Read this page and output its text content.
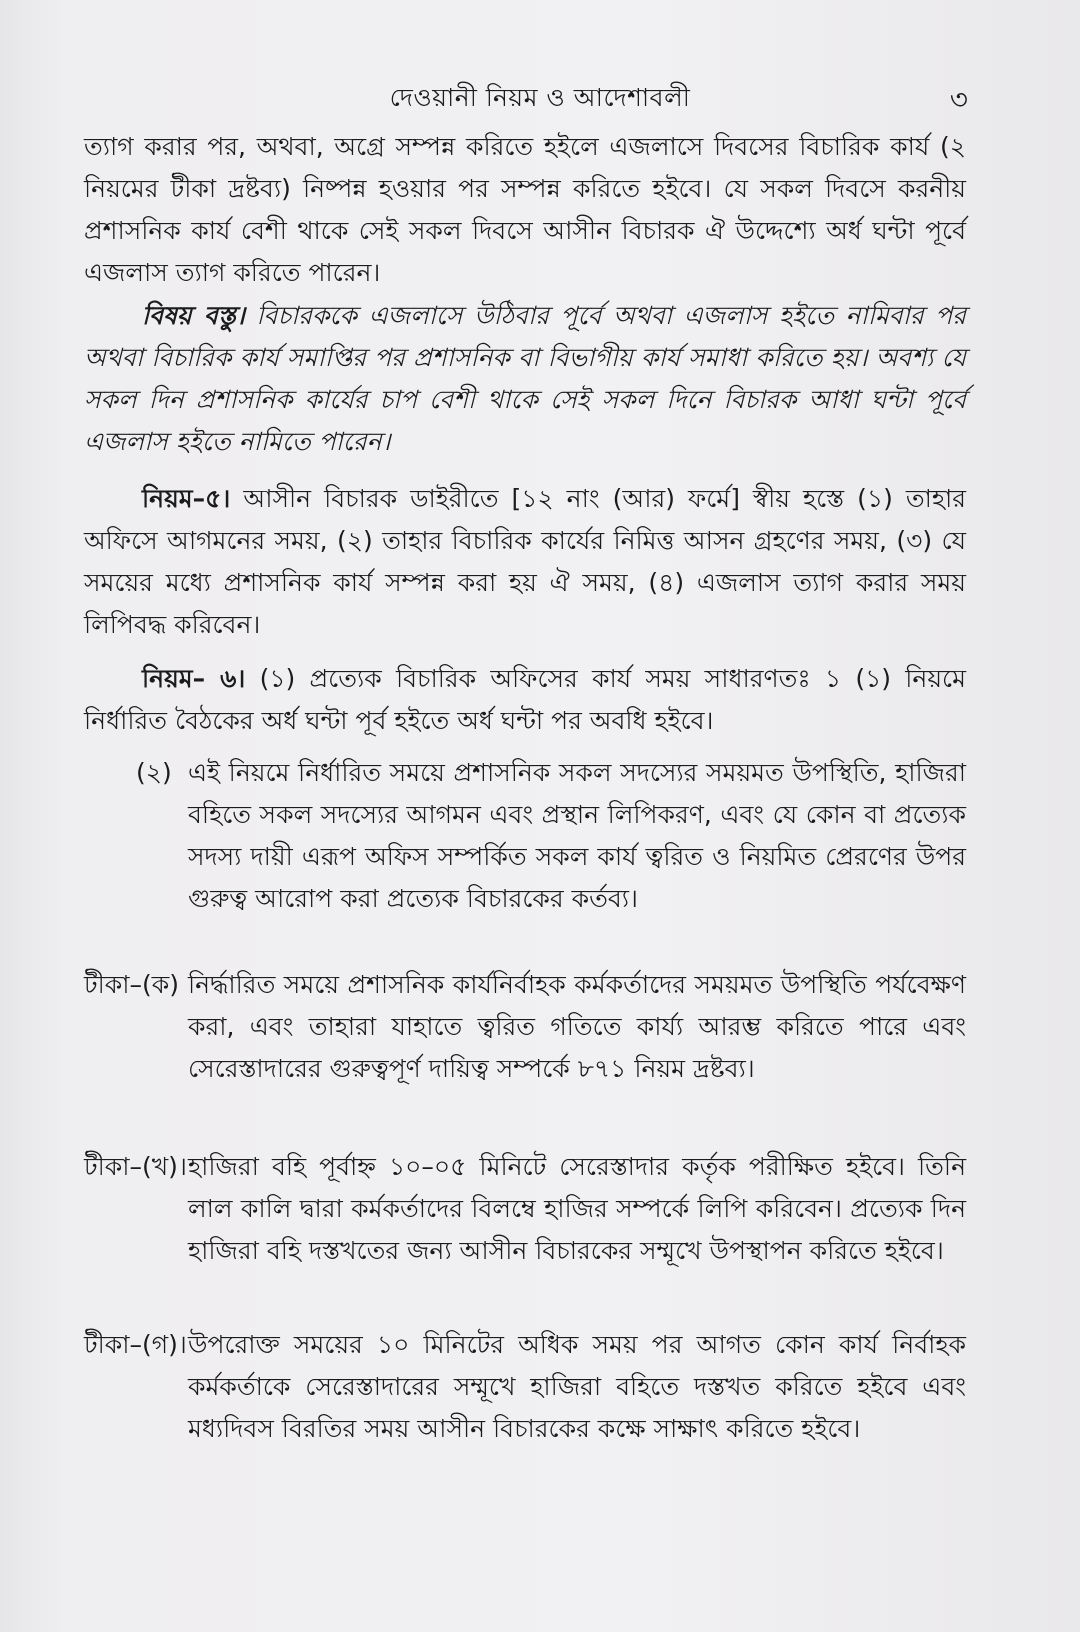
দেওয়ানী নিয়ম ও আদেশাবলী	৩

ত্যাগ করার পর, অথবা, অগ্রে সম্পন্ন করিতে হইলে এজলাসে দিবসের বিচারিক কার্য (২ নিয়মের টীকা দ্রষ্টব্য) নিষ্পন্ন হওয়ার পর সম্পন্ন করিতে হইবে। যে সকল দিবসে করনীয় প্রশাসনিক কার্য বেশী থাকে সেই সকল দিবসে আসীন বিচারক ঐ উদ্দেশ্যে অর্ধ ঘন্টা পূর্বে এজলাস ত্যাগ করিতে পারেন।

বিষয় বস্তু। বিচারককে এজলাসে উঠিবার পূর্বে অথবা এজলাস হইতে নামিবার পর অথবা বিচারিক কার্য সমাপ্তির পর প্রশাসনিক বা বিভাগীয় কার্য সমাধা করিতে হয়। অবশ্য যে সকল দিন প্রশাসনিক কার্যের চাপ বেশী থাকে সেই সকল দিনে বিচারক আধা ঘন্টা পূর্বে এজলাস হইতে নামিতে পারেন।

নিয়ম–৫। আসীন বিচারক ডাইরীতে [১২ নাং (আর) ফর্মে] স্বীয় হস্তে (১) তাহার অফিসে আগমনের সময়, (২) তাহার বিচারিক কার্যের নিমিত্ত আসন গ্রহণের সময়, (৩) যে সময়ের মধ্যে প্রশাসনিক কার্য সম্পন্ন করা হয় ঐ সময়, (৪) এজলাস ত্যাগ করার সময় লিপিবদ্ধ করিবেন।

নিয়ম– ৬। (১) প্রত্যেক বিচারিক অফিসের কার্য সময় সাধারণতঃ ১ (১) নিয়মে নির্ধারিত বৈঠকের অর্ধ ঘন্টা পূর্ব হইতে অর্ধ ঘন্টা পর অবধি হইবে।

(২) এই নিয়মে নির্ধারিত সময়ে প্রশাসনিক সকল সদস্যের সময়মত উপস্থিতি, হাজিরা বহিতে সকল সদস্যের আগমন এবং প্রস্থান লিপিকরণ, এবং যে কোন বা প্রত্যেক সদস্য দায়ী এরূপ অফিস সম্পর্কিত সকল কার্য ত্বরিত ও নিয়মিত প্রেরণের উপর গুরুত্ব আরোপ করা প্রত্যেক বিচারকের কর্তব্য।
টীকা–(ক) নির্দ্ধারিত সময়ে প্রশাসনিক কার্যনির্বাহক কর্মকর্তাদের সময়মত উপস্থিতি পর্যবেক্ষণ করা, এবং তাহারা যাহাতে ত্বরিত গতিতে কার্য্য আরম্ভ করিতে পারে এবং সেরেস্তাদারের গুরুত্বপূর্ণ দায়িত্ব সম্পর্কে ৮৭১ নিয়ম দ্রষ্টব্য।
টীকা–(খ)। হাজিরা বহি পূর্বাহ্ন ১০–০৫ মিনিটে সেরেস্তাদার কর্তৃক পরীক্ষিত হইবে। তিনি লাল কালি দ্বারা কর্মকর্তাদের বিলম্বে হাজির সম্পর্কে লিপি করিবেন। প্রত্যেক দিন হাজিরা বহি দস্তখতের জন্য আসীন বিচারকের সম্মূখে উপস্থাপন করিতে হইবে।
টীকা–(গ)। উপরোক্ত সময়ের ১০ মিনিটের অধিক সময় পর আগত কোন কার্য নির্বাহক কর্মকর্তাকে সেরেস্তাদারের সম্মূখে হাজিরা বহিতে দস্তখত করিতে হইবে এবং মধ্যদিবস বিরতির সময় আসীন বিচারকের কক্ষে সাক্ষাৎ করিতে হইবে।
